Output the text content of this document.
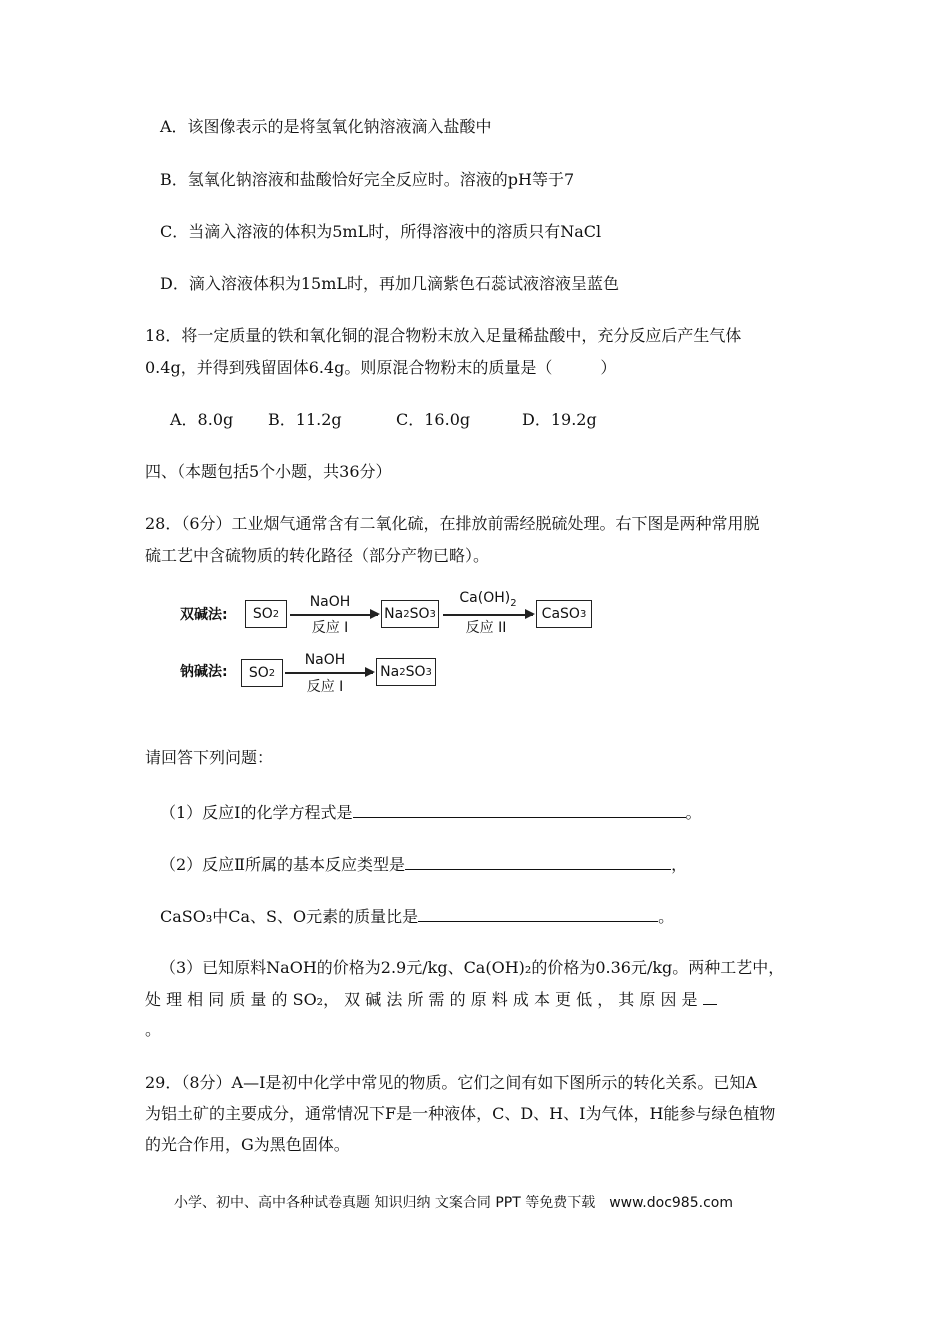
A．该图像表示的是将氢氧化钠溶液滴入盐酸中
B．氢氧化钠溶液和盐酸恰好完全反应时。溶液的pH等于7
C．当滴入溶液的体积为5mL时，所得溶液中的溶质只有NaCl
D．滴入溶液体积为15mL时，再加几滴紫色石蕊试液溶液呈蓝色
18．将一定质量的铁和氧化铜的混合物粉末放入足量稀盐酸中，充分反应后产生气体
0.4g，并得到残留固体6.4g。则原混合物粉末的质量是（　　　）
A．8.0g B．11.2g	C．16.0g	D．19.2g
四、（本题包括5个小题，共36分）
28．（6分）工业烟气通常含有二氧化硫，在排放前需经脱硫处理。右下图是两种常用脱
硫工艺中含硫物质的转化路径（部分产物已略）。
双碱法: SO 2
NaOH
反应 I
Na 2 SO 3
$Ca(OH)_2$
反应 II
CaSO 3
钠碱法: SO 2
NaOH
反应 I
Na 2 SO 3
请回答下列问题：
（1）反应Ⅰ的化学方程式是	。
（2）反应Ⅱ所属的基本反应类型是	，
CaSO₃中Ca、S、O元素的质量比是	。
（3）已知原料NaOH的价格为2.9元/kg、Ca(OH)₂的价格为0.36元/kg。两种工艺中，
处 理 相 同 质 量 的 SO₂， 双 碱 法 所 需 的 原 料 成 本 更 低 ， 其 原 因 是
。
29．（8分）A—I是初中化学中常见的物质。它们之间有如下图所示的转化关系。已知A
为铝土矿的主要成分，通常情况下F是一种液体，C、D、H、I为气体，H能参与绿色植物
的光合作用，G为黑色固体。
小学、初中、高中各种试卷真题 知识归纳 文案合同 PPT 等免费下载　www.doc985.com
